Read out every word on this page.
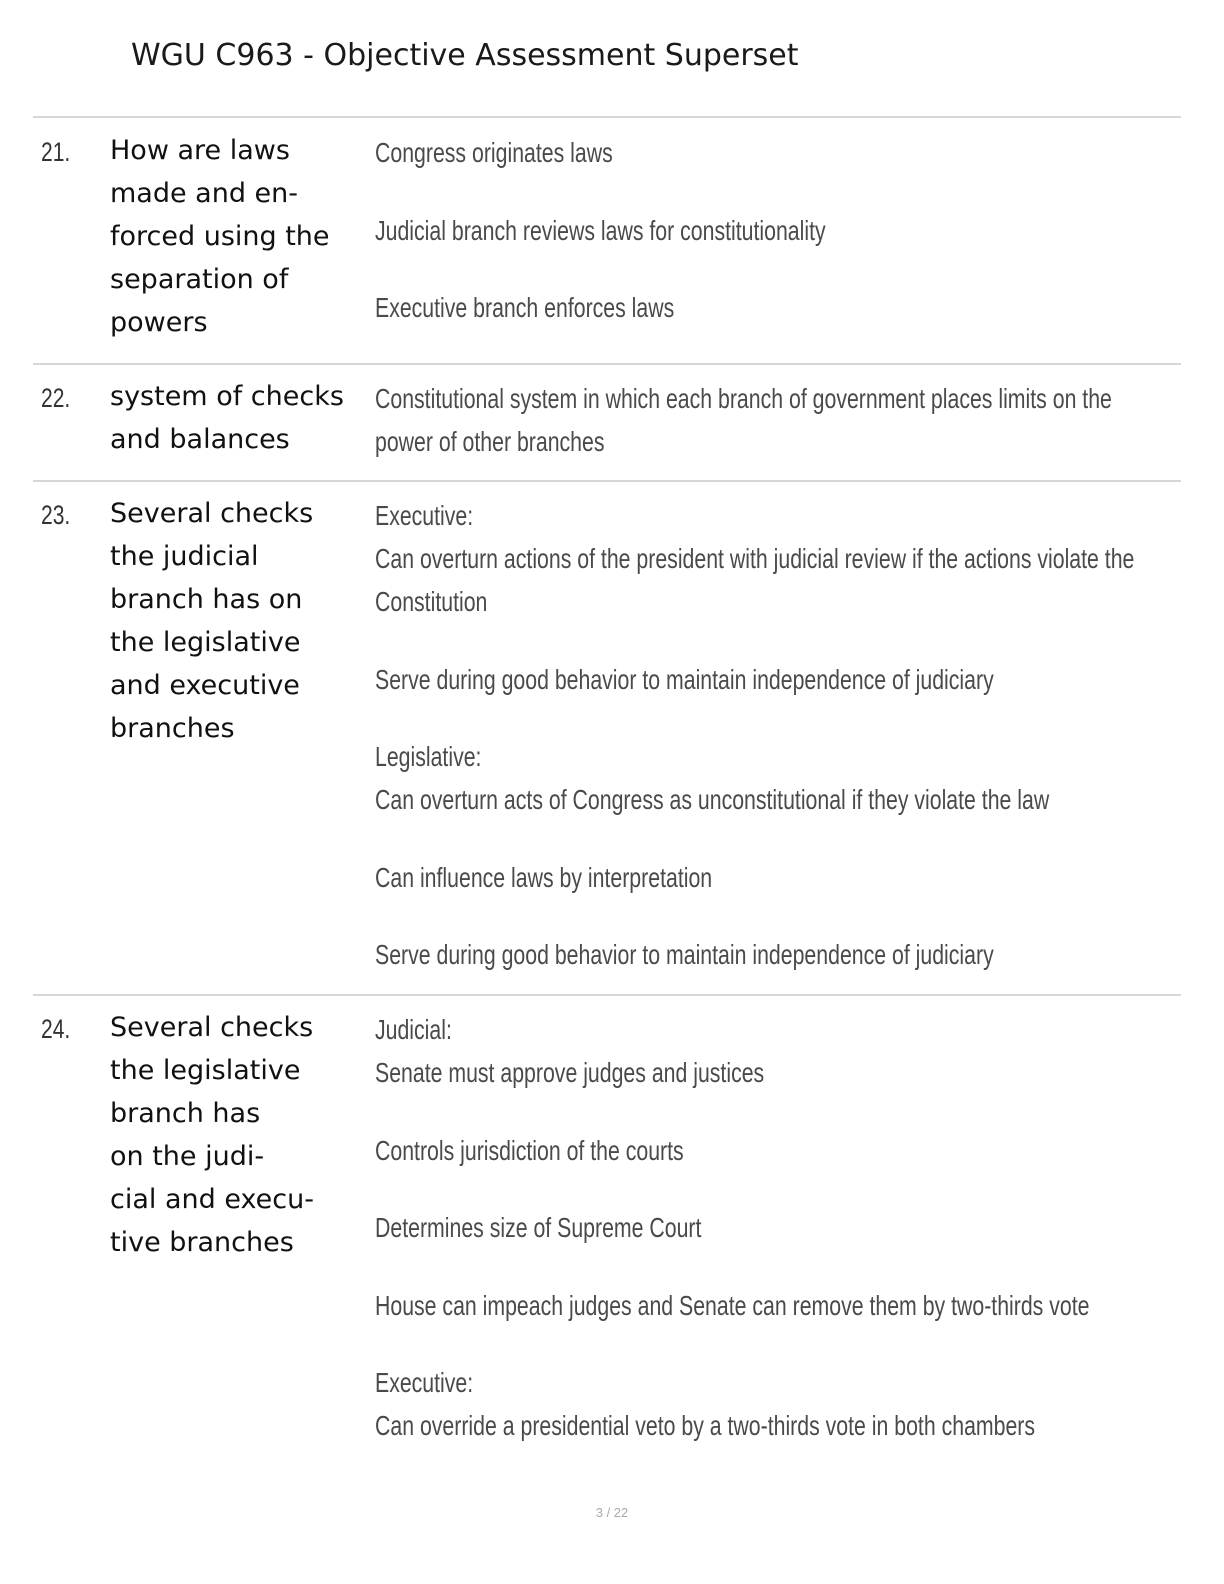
WGU C963 - Objective Assessment Superset
21. How are laws
made and en-
forced using the
separation of
powers
Congress originates laws
Judicial branch reviews laws for constitutionality
Executive branch enforces laws
22. system of checks
and balances
Constitutional system in which each branch of government places limits on the
power of other branches
23. Several checks
the judicial
branch has on
the legislative
and executive
branches
Executive:
Can overturn actions of the president with judicial review if the actions violate the
Constitution
Serve during good behavior to maintain independence of judiciary
Legislative:
Can overturn acts of Congress as unconstitutional if they violate the law
Can influence laws by interpretation
Serve during good behavior to maintain independence of judiciary
24. Several checks
the legislative
branch has
on the judi-
cial and execu-
tive branches
Judicial:
Senate must approve judges and justices
Controls jurisdiction of the courts
Determines size of Supreme Court
House can impeach judges and Senate can remove them by two-thirds vote
Executive:
Can override a presidential veto by a two-thirds vote in both chambers
3 / 22
